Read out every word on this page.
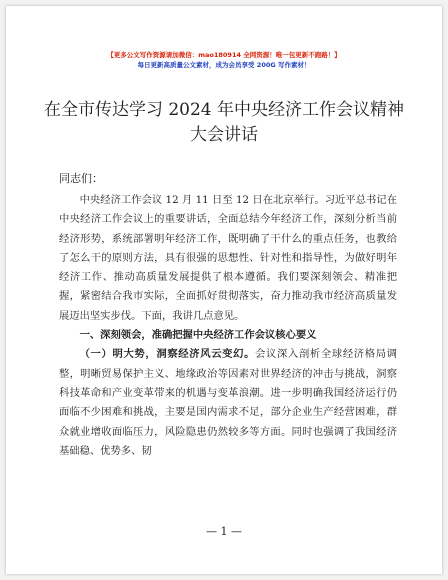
【更多公文写作资源请加微信：mao180914 全网资源！唯一包更新不跑路！】
每日更新高质量公文素材，成为会员享受 200G 写作素材！
在全市传达学习 2024 年中央经济工作会议精神大会讲话
同志们：

中央经济工作会议 12 月 11 日至 12 日在北京举行。习近平总书记在中央经济工作会议上的重要讲话，全面总结今年经济工作，深刻分析当前经济形势，系统部署明年经济工作，既明确了干什么的重点任务，也教给了怎么干的原则方法，具有很强的思想性、针对性和指导性，为做好明年经济工作、推动高质量发展提供了根本遵循。我们要深刻领会、精准把握，紧密结合我市实际，全面抓好贯彻落实，奋力推动我市经济高质量发展迈出坚实步伐。下面，我讲几点意见。

一、深刻领会，准确把握中央经济工作会议核心要义

（一）明大势，洞察经济风云变幻。会议深入剖析全球经济格局调整，明晰贸易保护主义、地缘政治等因素对世界经济的冲击与挑战，洞察科技革命和产业变革带来的机遇与变革浪潮。进一步明确我国经济运行仍面临不少困难和挑战，主要是国内需求不足，部分企业生产经营困难，群众就业增收面临压力，风险隐患仍然较多等方面。同时也强调了我国经济基础稳、优势多、韧

— 1 —
